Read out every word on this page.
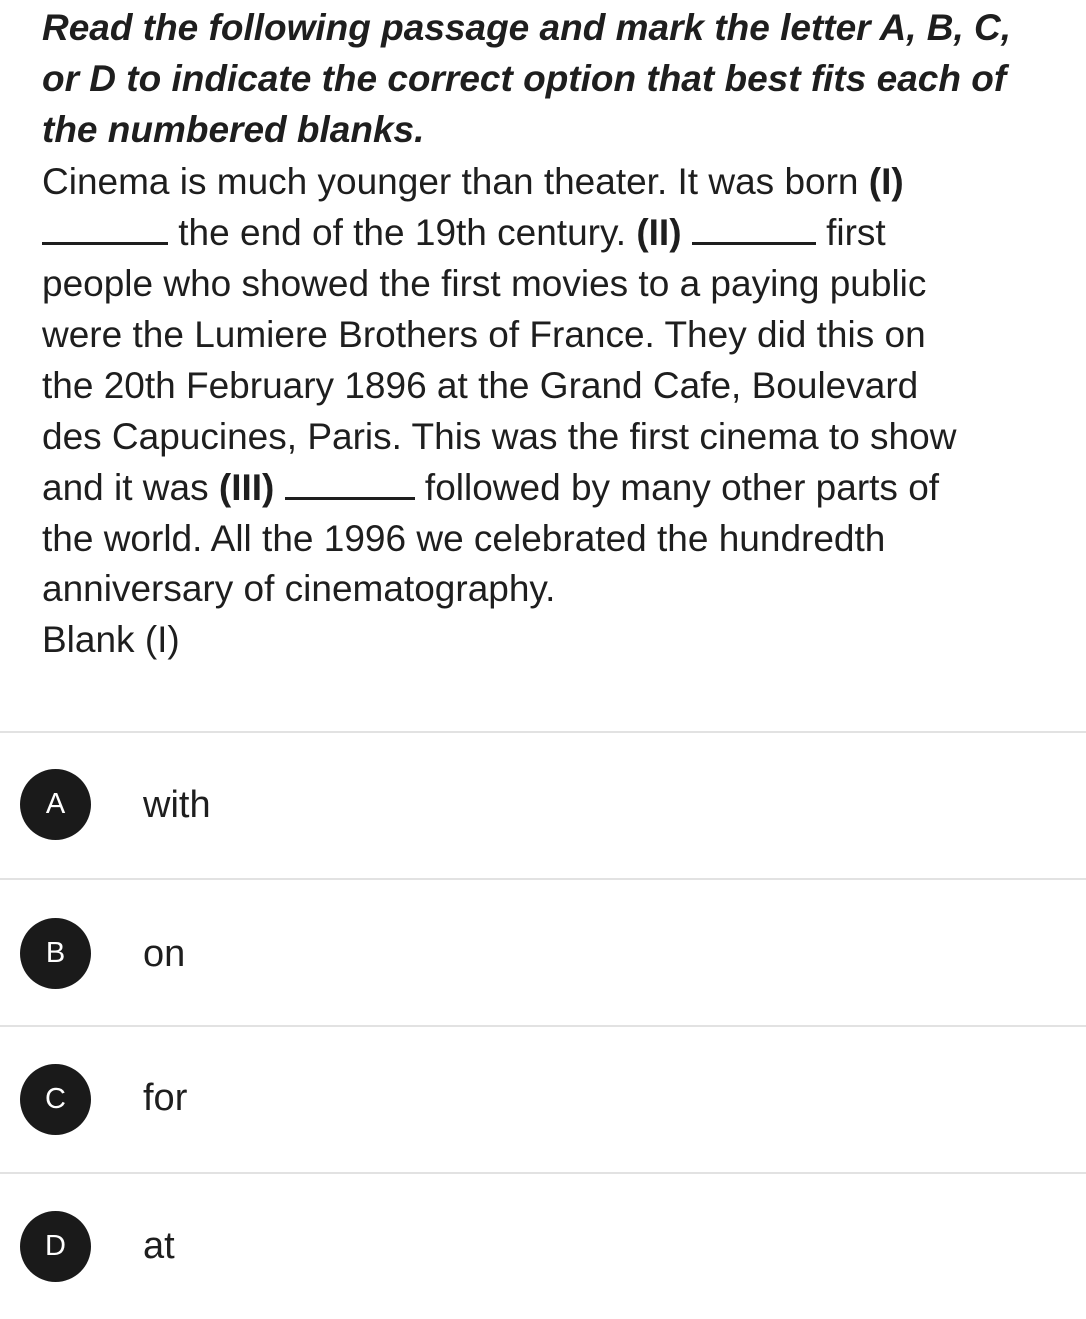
Read the following passage and mark the letter A, B, C, or D to indicate the correct option that best fits each of the numbered blanks.

Cinema is much younger than theater. It was born (I)

the end of the 19th century. (II)	first

people who showed the first movies to a paying public

were the Lumiere Brothers of France. They did this on

the 20th February 1896 at the Grand Cafe, Boulevard

des Capucines, Paris. This was the first cinema to show

and it was (III)	followed by many other parts of

the world. All the 1996 we celebrated the hundredth

anniversary of cinematography.

Blank (I)

A	with
B	on
C	for
D	at
